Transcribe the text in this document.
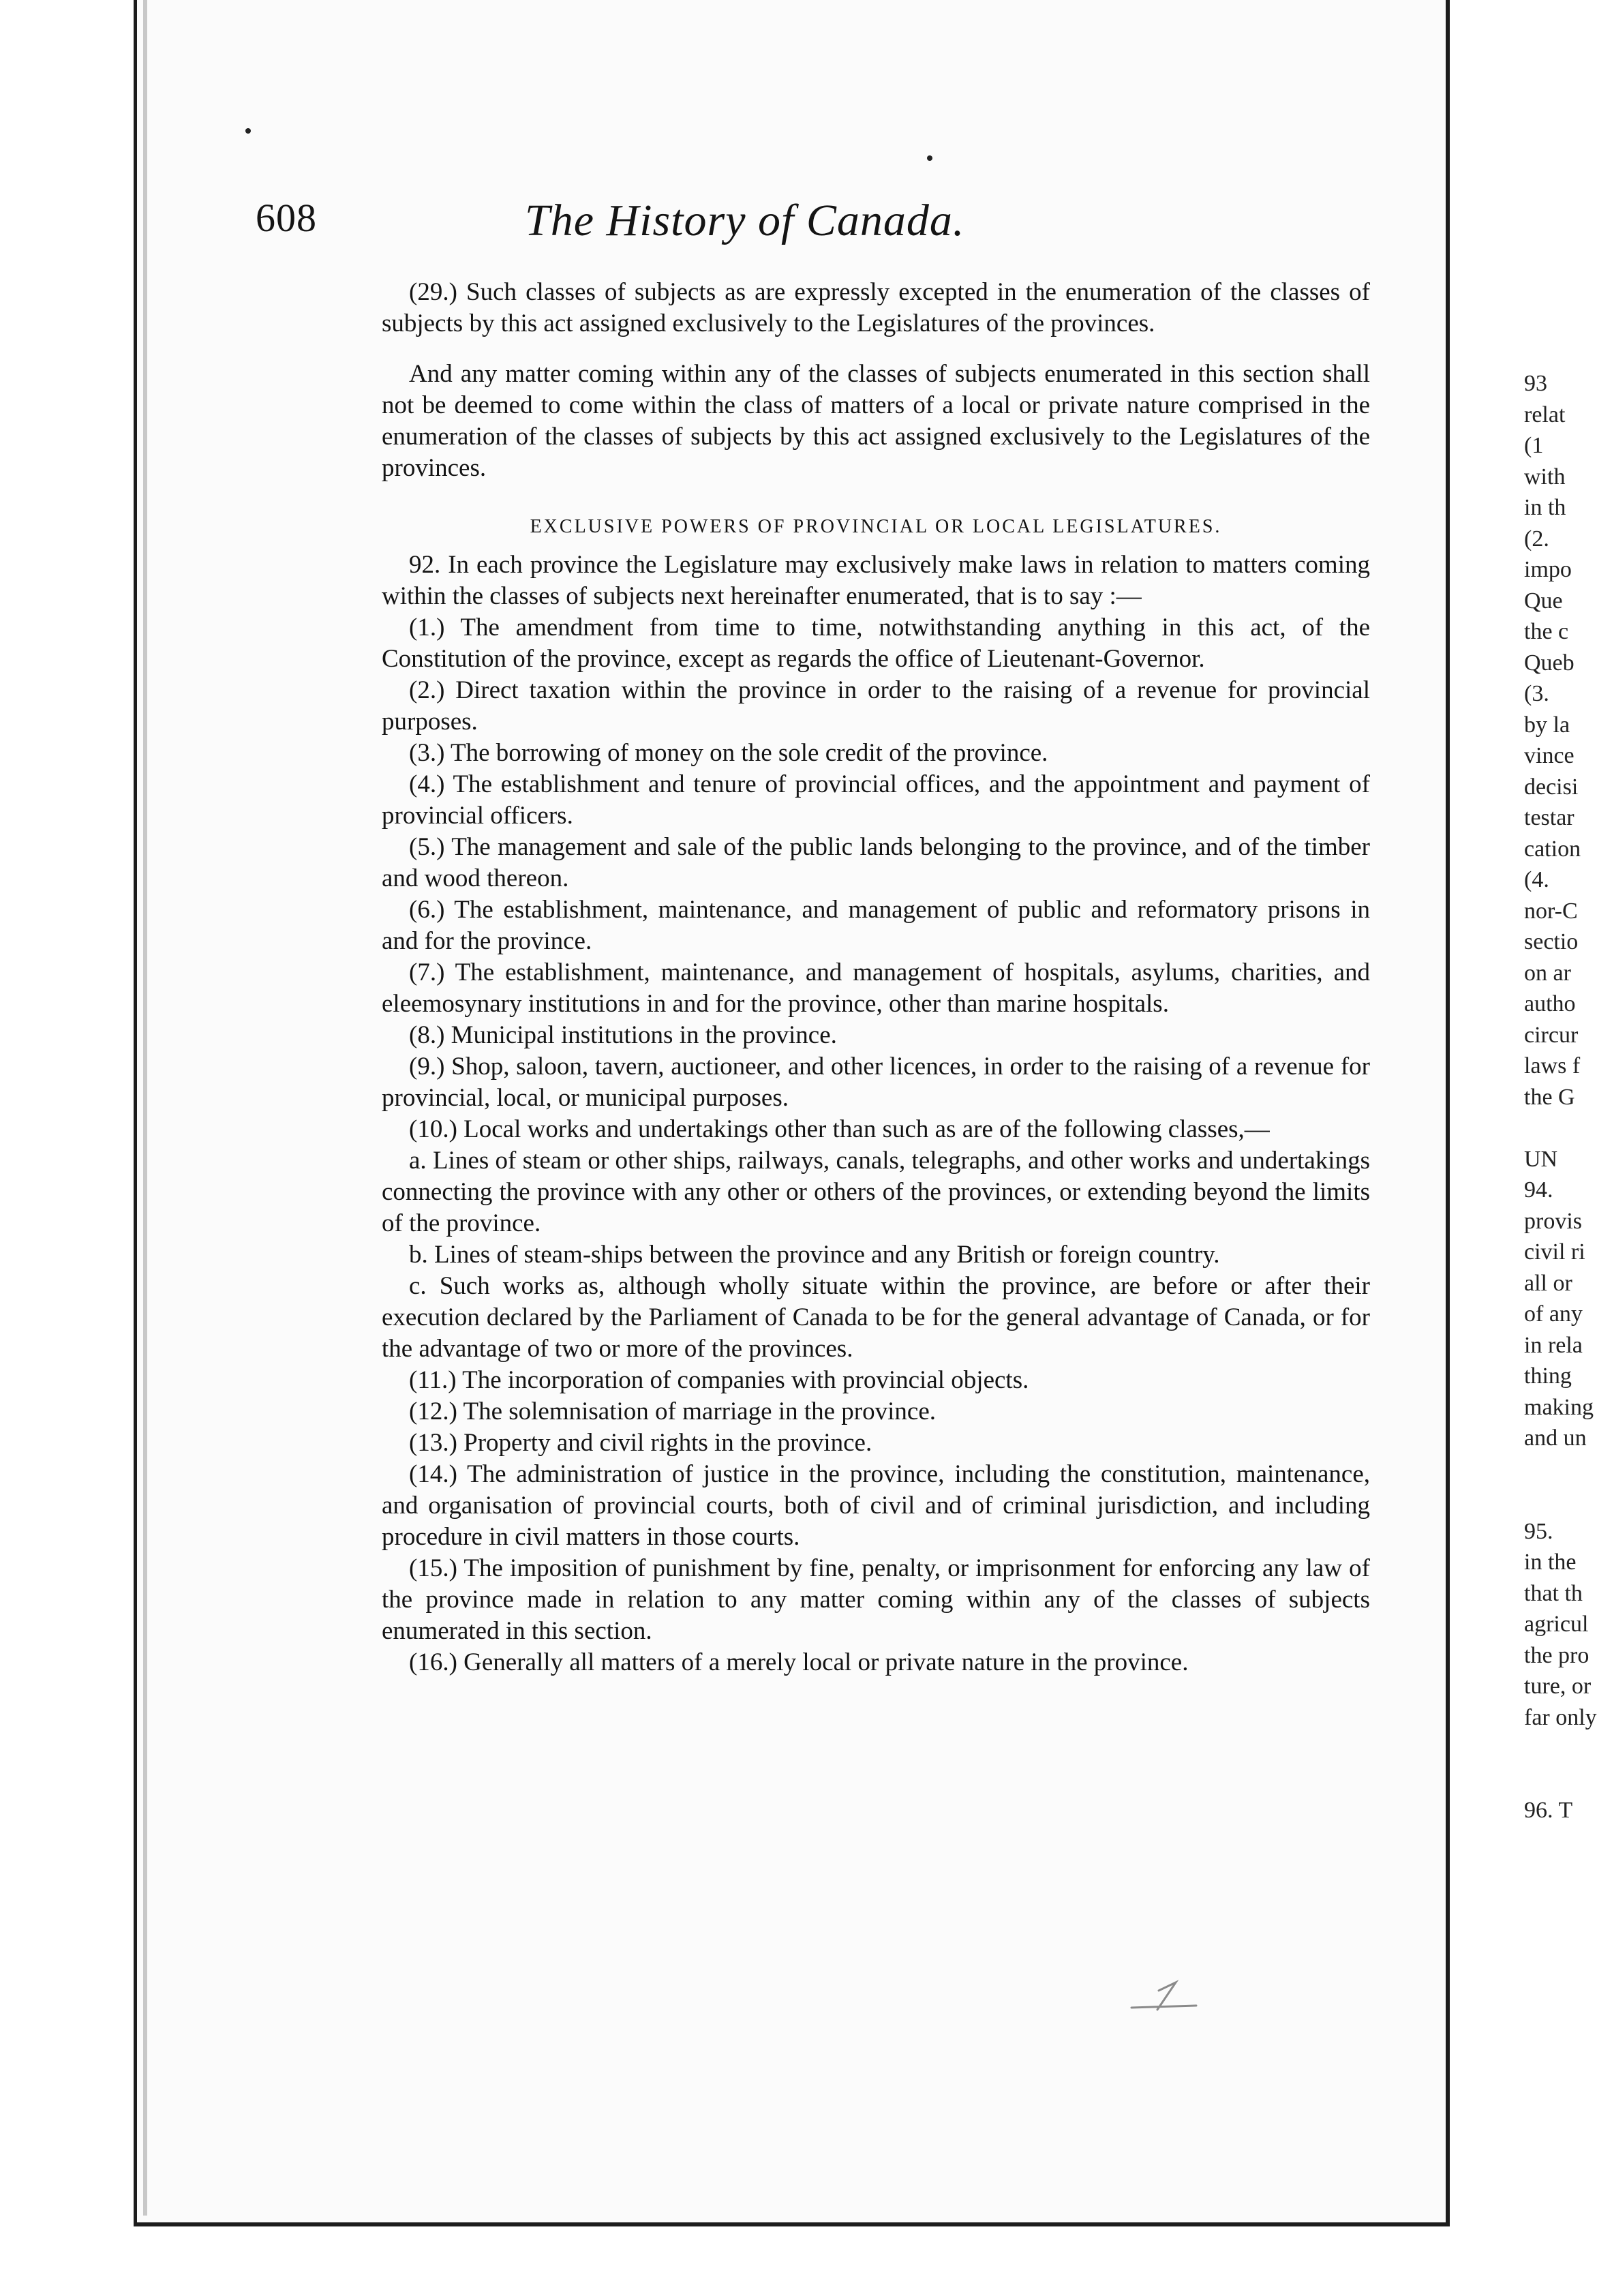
608	The History of Canada.

(29.) Such classes of subjects as are expressly excepted in the enumeration of the classes of subjects by this act assigned exclusively to the Legislatures of the provinces.

And any matter coming within any of the classes of subjects enumerated in this section shall not be deemed to come within the class of matters of a local or private nature comprised in the enumeration of the classes of subjects by this act assigned exclusively to the Legislatures of the provinces.

EXCLUSIVE POWERS OF PROVINCIAL OR LOCAL LEGISLATURES.

92. In each province the Legislature may exclusively make laws in relation to matters coming within the classes of subjects next hereinafter enumerated, that is to say :—

(1.) The amendment from time to time, notwithstanding anything in this act, of the Constitution of the province, except as regards the office of Lieutenant-Governor.

(2.) Direct taxation within the province in order to the raising of a revenue for provincial purposes.

(3.) The borrowing of money on the sole credit of the province.

(4.) The establishment and tenure of provincial offices, and the appointment and payment of provincial officers.

(5.) The management and sale of the public lands belonging to the province, and of the timber and wood thereon.

(6.) The establishment, maintenance, and management of public and reformatory prisons in and for the province.

(7.) The establishment, maintenance, and management of hospitals, asylums, charities, and eleemosynary institutions in and for the province, other than marine hospitals.

(8.) Municipal institutions in the province.

(9.) Shop, saloon, tavern, auctioneer, and other licences, in order to the raising of a revenue for provincial, local, or municipal purposes.

(10.) Local works and undertakings other than such as are of the following classes,—

a. Lines of steam or other ships, railways, canals, telegraphs, and other works and undertakings connecting the province with any other or others of the provinces, or extending beyond the limits of the province.

b. Lines of steam-ships between the province and any British or foreign country.

c. Such works as, although wholly situate within the province, are before or after their execution declared by the Parliament of Canada to be for the general advantage of Canada, or for the advantage of two or more of the provinces.

(11.) The incorporation of companies with provincial objects.

(12.) The solemnisation of marriage in the province.

(13.) Property and civil rights in the province.

(14.) The administration of justice in the province, including the constitution, maintenance, and organisation of provincial courts, both of civil and of criminal jurisdiction, and including procedure in civil matters in those courts.

(15.) The imposition of punishment by fine, penalty, or imprisonment for enforcing any law of the province made in relation to any matter coming within any of the classes of subjects enumerated in this section.

(16.) Generally all matters of a merely local or private nature in the province.

93
relat
(1
with
in th
(2.
impo
Que
the c
Queb
(3.
by la
vince
decisi
testar
cation
(4.
nor-C
sectio
on ar
autho
circur
laws f
the G
UN
94.
provis
civil ri
all or
of any
in rela
thing
making
and un
95.
in the
that th
agricul
the pro
ture, or
far only
96. T
